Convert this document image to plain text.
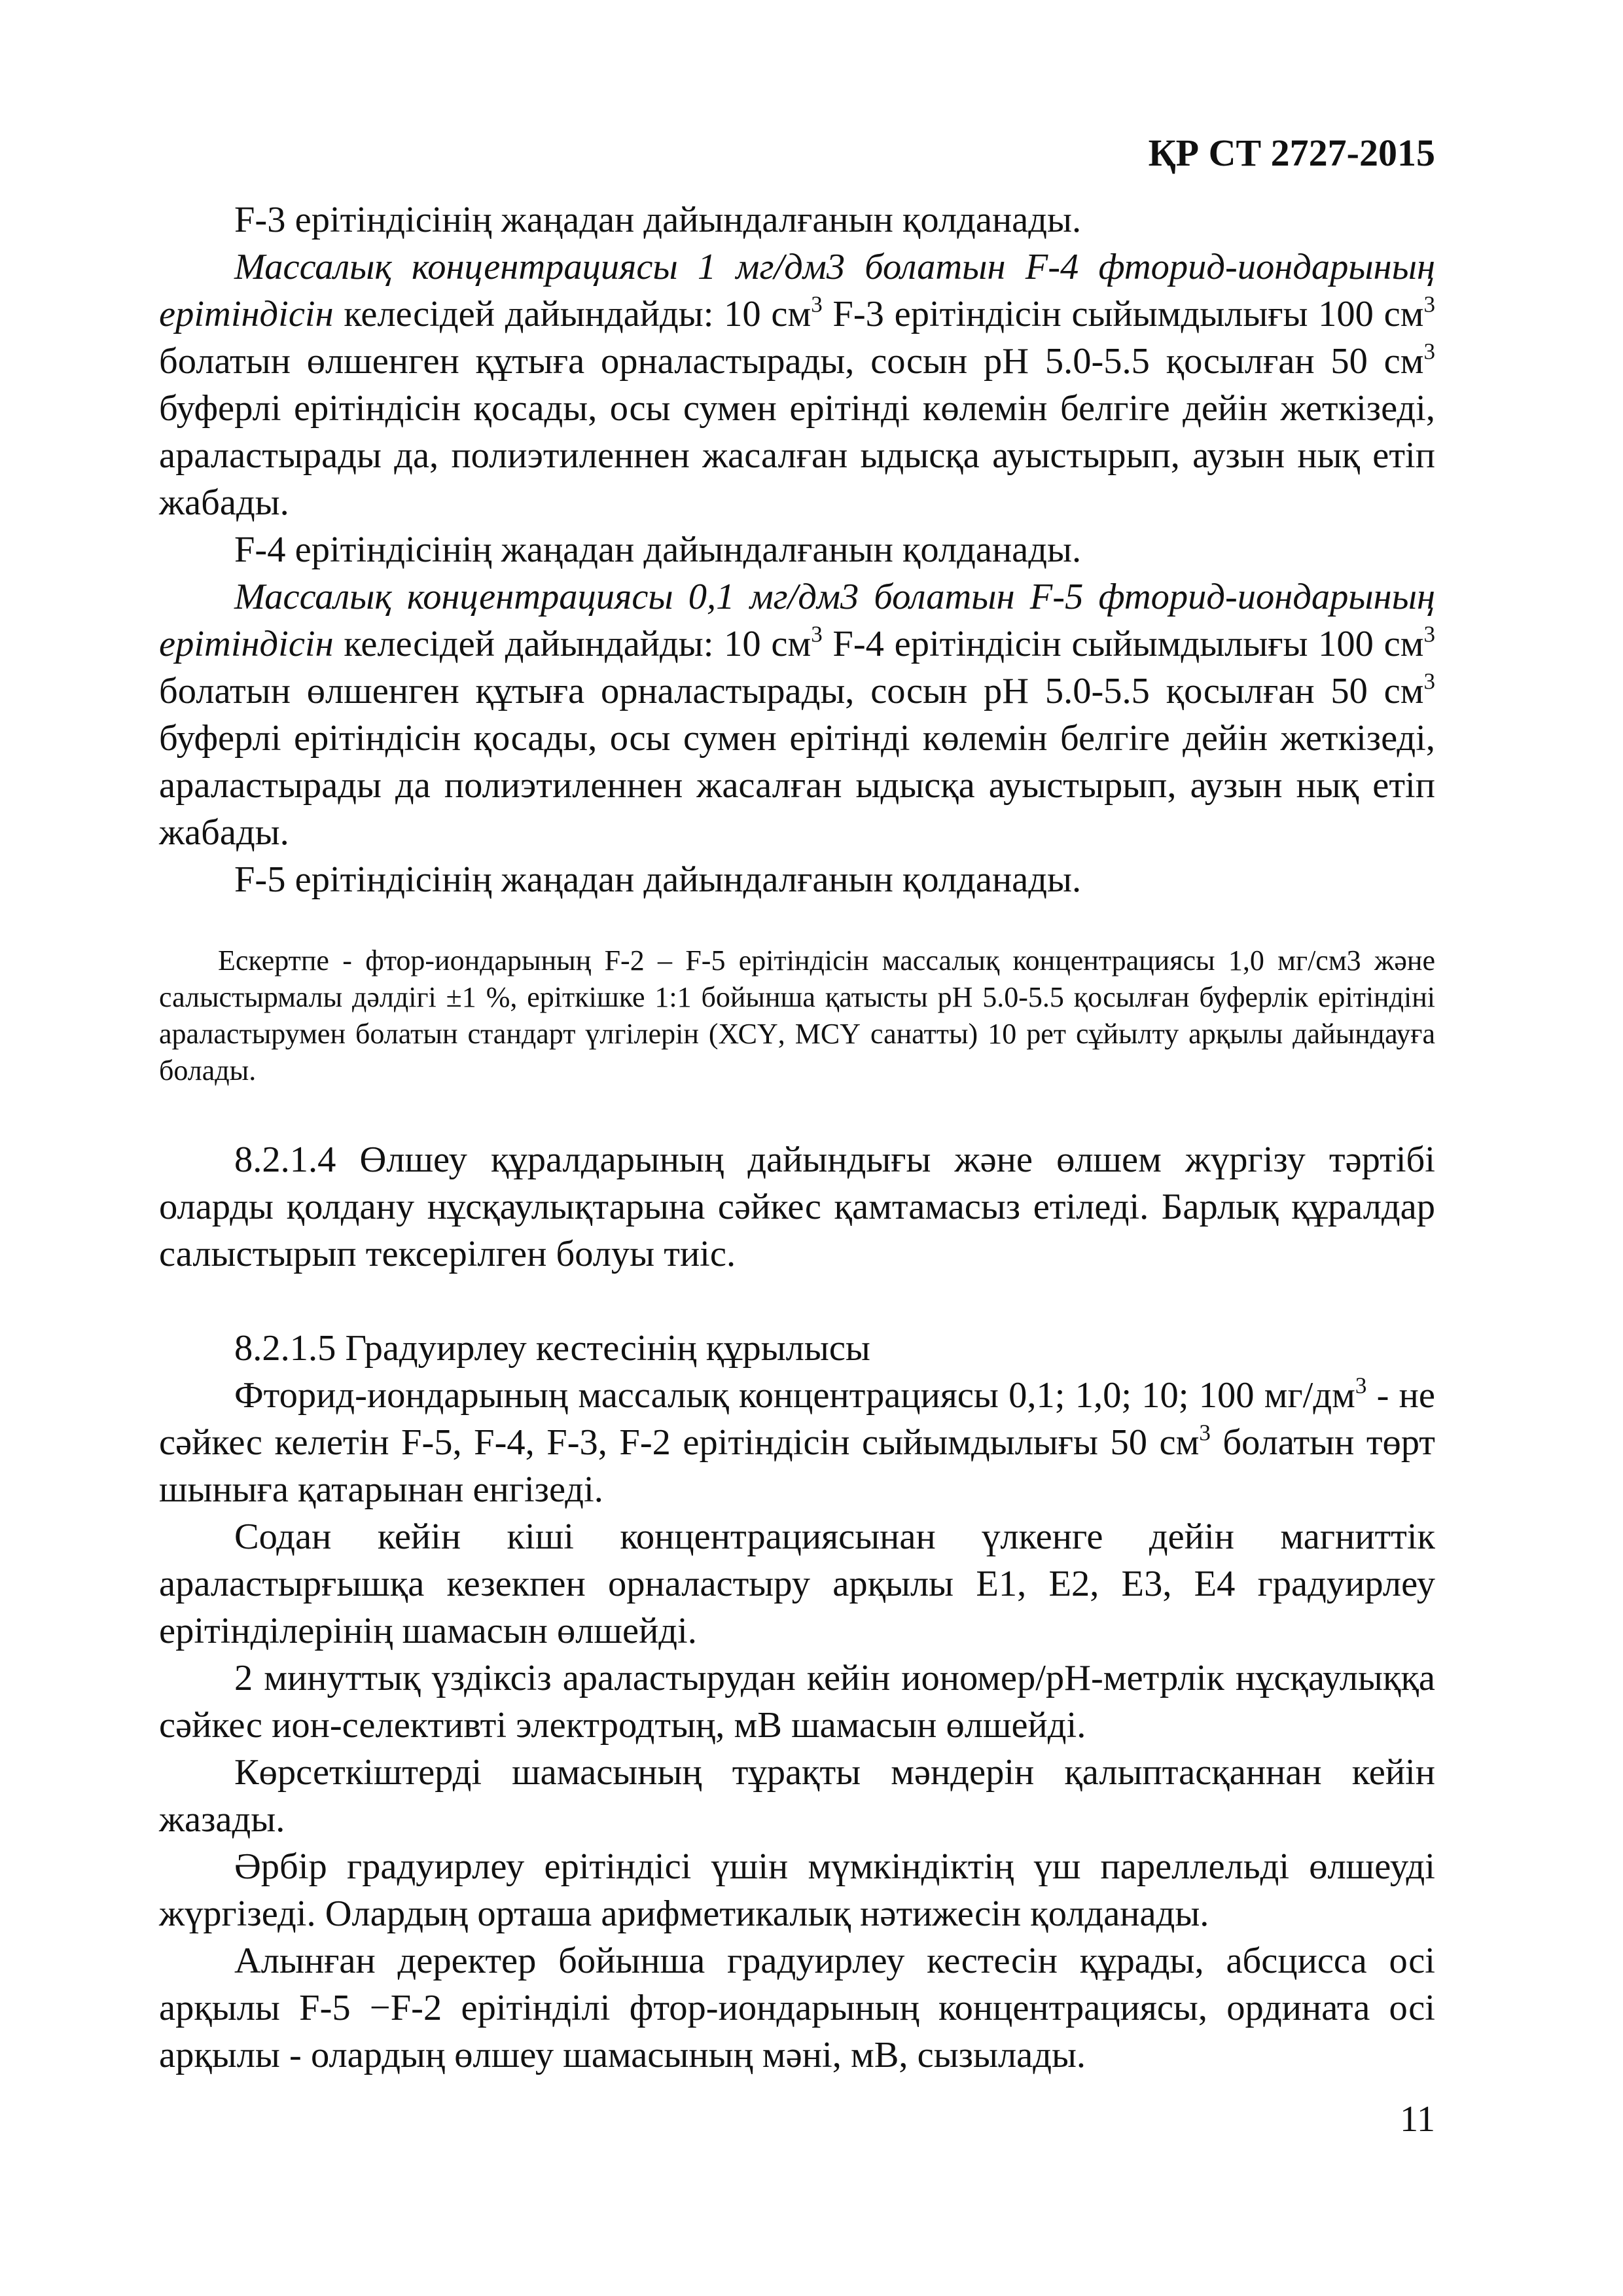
ҚР СТ 2727-2015

F-3 ерітіндісінің жаңадан дайындалғанын қолданады.

Массалық концентрациясы 1 мг/дм3 болатын F-4 фторид-иондарының ерітіндісін келесідей дайындайды: 10 $см^3$ F-3 ерітіндісін сыйымдылығы 100 $см^3$ болатын өлшенген құтыға орналастырады, сосын pH 5.0-5.5 қосылған 50 $см^3$ буферлі ерітіндісін қосады, осы сумен ерітінді көлемін белгіге дейін жеткізеді, араластырады да, полиэтиленнен жасалған ыдысқа ауыстырып, аузын нық етіп жабады.

F-4 ерітіндісінің жаңадан дайындалғанын қолданады.

Массалық концентрациясы 0,1 мг/дм3 болатын F-5 фторид-иондарының ерітіндісін келесідей дайындайды: 10 $см^3$ F-4 ерітіндісін сыйымдылығы 100 $см^3$ болатын өлшенген құтыға орналастырады, сосын pH 5.0-5.5 қосылған 50 $см^3$ буферлі ерітіндісін қосады, осы сумен ерітінді көлемін белгіге дейін жеткізеді, араластырады да полиэтиленнен жасалған ыдысқа ауыстырып, аузын нық етіп жабады.

F-5 ерітіндісінің жаңадан дайындалғанын қолданады.

Ескертпе - фтор-иондарының F-2 – F-5 ерітіндісін массалық концентрациясы 1,0 мг/см3 және салыстырмалы дәлдігі ±1 %, еріткішке 1:1 бойынша қатысты pH 5.0-5.5 қосылған буферлік ерітіндіні араластырумен болатын стандарт үлгілерін (ХСҮ, МСҮ санатты) 10 рет сұйылту арқылы дайындауға болады.

8.2.1.4 Өлшеу құралдарының дайындығы және өлшем жүргізу тәртібі оларды қолдану нұсқаулықтарына сәйкес қамтамасыз етіледі. Барлық құралдар салыстырып тексерілген болуы тиіс.

8.2.1.5 Градуирлеу кестесінің құрылысы

Фторид-иондарының массалық концентрациясы 0,1; 1,0; 10; 100 $мг/дм^3$ - не сәйкес келетін F-5, F-4, F-3, F-2 ерітіндісін сыйымдылығы 50 $см^3$ болатын төрт шыныға қатарынан енгізеді.

Содан кейін кіші концентрациясынан үлкенге дейін магниттік араластырғышқа кезекпен орналастыру арқылы Е1, Е2, Е3, Е4 градуирлеу ерітінділерінің шамасын өлшейді.

2 минуттық үздіксіз араластырудан кейін иономер/рН-метрлік нұсқаулыққа сәйкес ион-селективті электродтың, мВ шамасын өлшейді.

Көрсеткіштерді шамасының тұрақты мәндерін қалыптасқаннан кейін жазады.

Әрбір градуирлеу ерітіндісі үшін мүмкіндіктің үш пареллельді өлшеуді жүргізеді. Олардың орташа арифметикалық нәтижесін қолданады.

Алынған деректер бойынша градуирлеу кестесін құрады, абсцисса осі арқылы F-5 −F-2 ерітінділі фтор-иондарының концентрациясы, ордината осі арқылы - олардың өлшеу шамасының мәні, мВ, сызылады.

11
